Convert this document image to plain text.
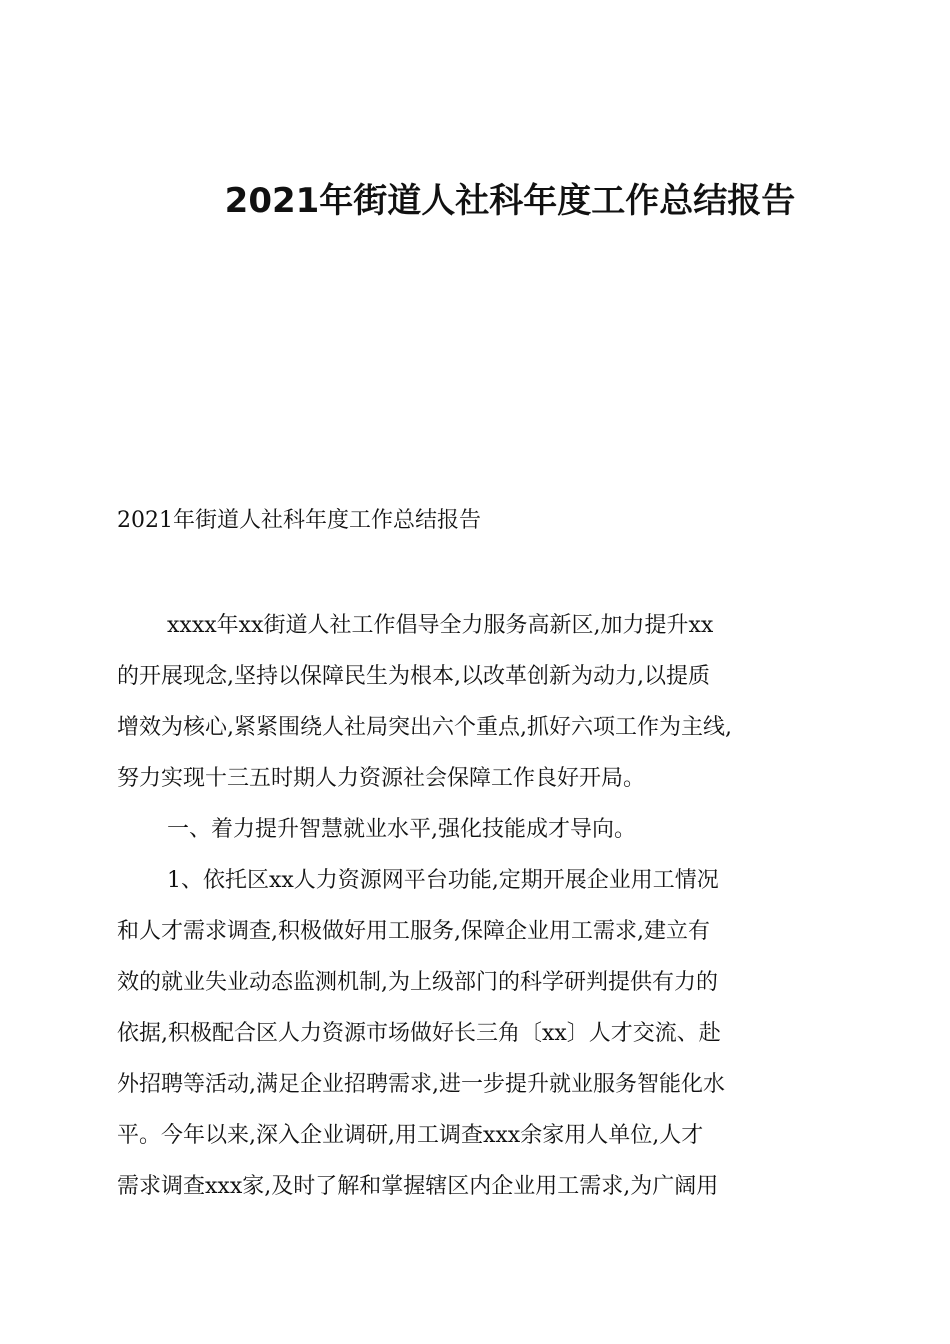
2021年街道人社科年度工作总结报告
2021年街道人社科年度工作总结报告
xxxx年xx街道人社工作倡导全力服务高新区,加力提升xx
的开展现念,坚持以保障民生为根本,以改革创新为动力,以提质
增效为核心,紧紧围绕人社局突出六个重点,抓好六项工作为主线,
努力实现十三五时期人力资源社会保障工作良好开局。
一、着力提升智慧就业水平,强化技能成才导向。
1、依托区xx人力资源网平台功能,定期开展企业用工情况
和人才需求调查,积极做好用工服务,保障企业用工需求,建立有
效的就业失业动态监测机制,为上级部门的科学研判提供有力的
依据,积极配合区人力资源市场做好长三角〔xx〕人才交流、赴
外招聘等活动,满足企业招聘需求,进一步提升就业服务智能化水
平。今年以来,深入企业调研,用工调查xxx余家用人单位,人才
需求调查xxx家,及时了解和掌握辖区内企业用工需求,为广阔用
